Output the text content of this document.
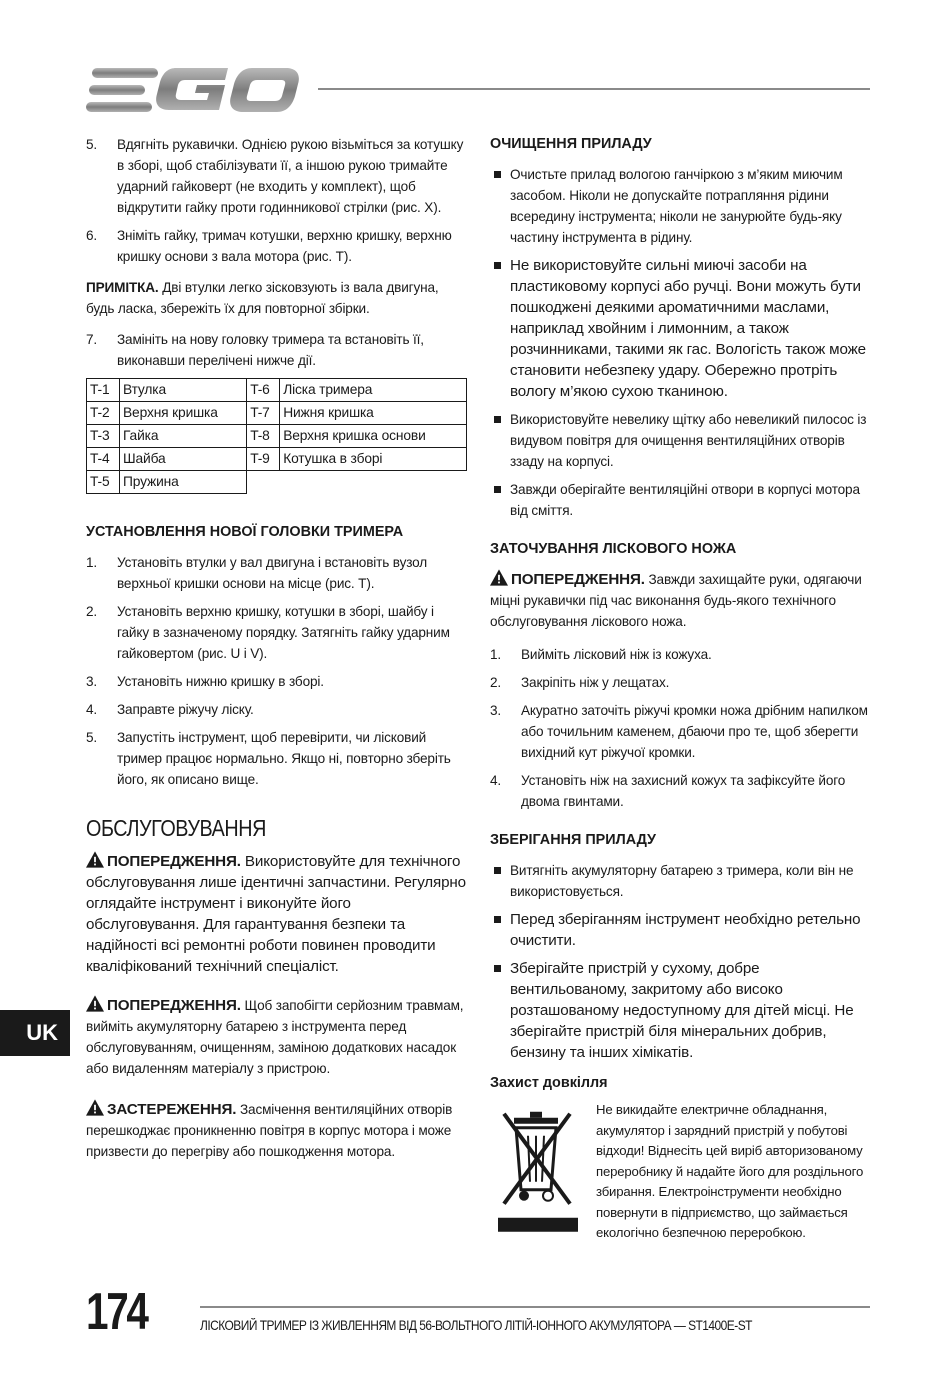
5. Вдягніть рукавички. Однією рукою візьміться за котушку в зборі, щоб стабілізувати її, а іншою рукою тримайте ударний гайковерт (не входить у комплект), щоб відкрутити гайку проти годинникової стрілки (рис. X).
6. Зніміть гайку, тримач котушки, верхню кришку, верхню кришку основи з вала мотора (рис. T).

ПРИМІТКА. Дві втулки легко зісковзують із вала двигуна, будь ласка, збережіть їх для повторної збірки.

7. Замініть на нову головку тримера та встановіть її, виконавши перелічені нижче дії.
T-1	Втулка	T-6	Ліска тримера
T-2	Верхня кришка	T-7	Нижня кришка
T-3	Гайка	T-8	Верхня кришка основи
T-4	Шайба	T-9	Котушка в зборі
T-5	Пружина		
УСТАНОВЛЕННЯ НОВОЇ ГОЛОВКИ ТРИМЕРА
1. Установіть втулки у вал двигуна і встановіть вузол верхньої кришки основи на місце (рис. T).
2. Установіть верхню кришку, котушки в зборі, шайбу і гайку в зазначеному порядку. Затягніть гайку ударним гайковертом (рис. U і V).
3. Установіть нижню кришку в зборі.
4. Заправте ріжучу ліску.
5. Запустіть інструмент, щоб перевірити, чи лісковий тример працює нормально. Якщо ні, повторно зберіть його, як описано вище.
ОБСЛУГОВУВАННЯ

ПОПЕРЕДЖЕННЯ. Використовуйте для технічного обслуговування лише ідентичні запчастини. Регулярно оглядайте інструмент і виконуйте його обслуговування. Для гарантування безпеки та надійності всі ремонтні роботи повинен проводити кваліфікований технічний спеціаліст.

ПОПЕРЕДЖЕННЯ. Щоб запобігти серйозним травмам, вийміть акумуляторну батарею з інструмента перед обслуговуванням, очищенням, заміною додаткових насадок або видаленням матеріалу з пристрою.

ЗАСТЕРЕЖЕННЯ. Засмічення вентиляційних отворів перешкоджає проникненню повітря в корпус мотора і може призвести до перегріву або пошкодження мотора.

ОЧИЩЕННЯ ПРИЛАДУ
Очистьте прилад вологою ганчіркою з м’яким миючим засобом. Ніколи не допускайте потрапляння рідини всередину інструмента; ніколи не занурюйте будь-яку частину інструмента в рідину.
Не використовуйте сильні миючі засоби на пластиковому корпусі або ручці. Вони можуть бути пошкоджені деякими ароматичними маслами, наприклад хвойним і лимонним, а також розчинниками, такими як гас. Вологість також може становити небезпеку удару. Обережно протріть вологу м’якою сухою тканиною.
Використовуйте невелику щітку або невеликий пилосос із видувом повітря для очищення вентиляційних отворів ззаду на корпусі.
Завжди оберігайте вентиляційні отвори в корпусі мотора від сміття.
ЗАТОЧУВАННЯ ЛІСКОВОГО НОЖА

ПОПЕРЕДЖЕННЯ. Завжди захищайте руки, одягаючи міцні рукавички під час виконання будь-якого технічного обслуговування ліскового ножа.

1. Вийміть лісковий ніж із кожуха.
2. Закріпіть ніж у лещатах.
3. Акуратно заточіть ріжучі кромки ножа дрібним напилком або точильним каменем, дбаючи про те, щоб зберегти вихідний кут ріжучої кромки.
4. Установіть ніж на захисний кожух та зафіксуйте його двома гвинтами.
ЗБЕРІГАННЯ ПРИЛАДУ
Витягніть акумуляторну батарею з тримера, коли він не використовується.
Перед зберіганням інструмент необхідно ретельно очистити.
Зберігайте пристрій у сухому, добре вентильованому, закритому або високо розташованому недоступному для дітей місці. Не зберігайте пристрій біля мінеральних добрив, бензину та інших хімікатів.
Захист довкілля

Не викидайте електричне обладнання, акумулятор і зарядний пристрій у побутові відходи! Віднесіть цей виріб авторизованому переробнику й надайте його для роздільного збирання. Електроінструменти необхідно повернути в підприємство, що займається екологічно безпечною переробкою.

UK
174	ЛІСКОВИЙ ТРИМЕР ІЗ ЖИВЛЕННЯМ ВІД 56-ВОЛЬТНОГО ЛІТІЙ-ІОННОГО АКУМУЛЯТОРА — ST1400E-ST
